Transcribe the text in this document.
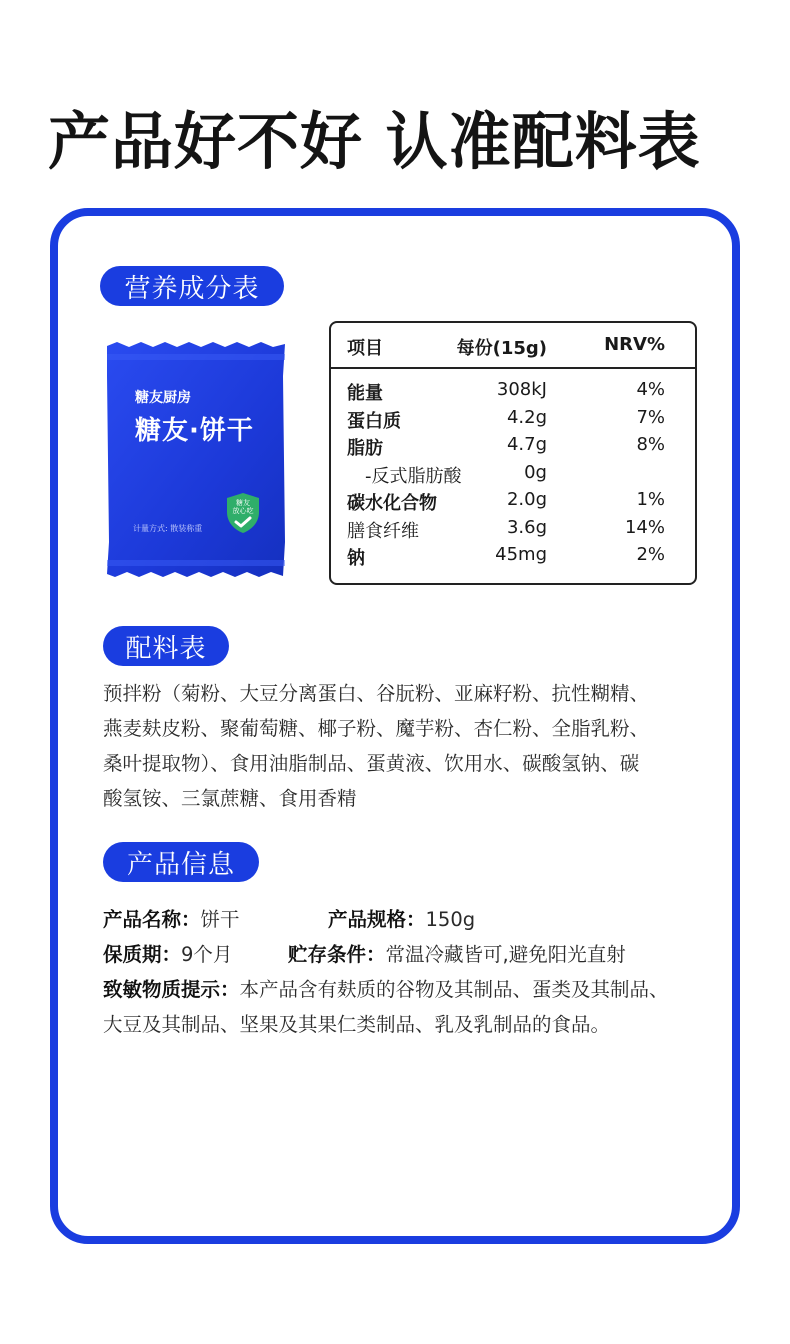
产品好不好 认准配料表
营养成分表
糖友厨房
糖友·饼干
计量方式: 散装称重
糖友
放心吃
项目	每份(15g)	NRV%
能量	308kJ	4%
蛋白质	4.2g	7%
脂肪	4.7g	8%
-反式脂肪酸	0g
碳水化合物	2.0g	1%
膳食纤维	3.6g	14%
钠	45mg	2%
配料表
预拌粉（菊粉、大豆分离蛋白、谷朊粉、亚麻籽粉、抗性糊精、
燕麦麸皮粉、聚葡萄糖、椰子粉、魔芋粉、杏仁粉、全脂乳粉、
桑叶提取物）、食用油脂制品、蛋黄液、饮用水、碳酸氢钠、碳
酸氢铵、三氯蔗糖、食用香精
产品信息
产品名称：饼干	产品规格：150g
保质期：9个月	贮存条件：常温冷藏皆可,避免阳光直射
致敏物质提示：本产品含有麸质的谷物及其制品、蛋类及其制品、
大豆及其制品、坚果及其果仁类制品、乳及乳制品的食品。
